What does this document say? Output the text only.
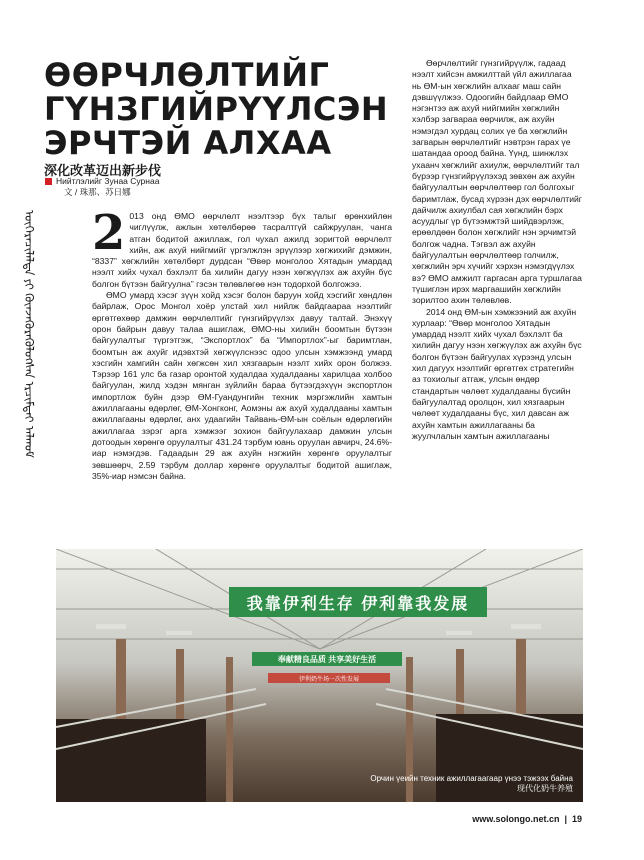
ӨӨРЧЛӨЛТИЙГ
ГҮНЗГИЙРҮҮЛСЭН
ЭРЧТЭЙ АЛХАА

深化改革迈出新步伐

Нийтлэлийг Зунаа Сурнаа
文 / 珠那、苏日娜
ᠥᠭᠡᠷᠡᠴᠢᠯᠡᠯᠲᠡ ᠶᠢ ᠭᠦᠨᠵᠡᠭᠦᠷᠡᠭᠦᠯᠦᠭᠰᠡᠨ ᠡᠷᠴᠢᠮᠲᠡᠢ ᠠᠯᠬᠤᠮ	2 013 онд ӨМО өөрчлөлт нээлтээр бүх талыг өрөнхийлөн чиглүүлж, ажлын хөтөлбөрөө тасралтгүй сайжруулан, чанга атган бодитой ажиллаж, гол чухал ажилд зоригтой өөрчлөлт хийн, аж ахуй нийгмийг үргэлжлэн эрүүлээр хөгжихийг дэмжин, “8337” хөгжлийн хөтөлбөрт дурдсан “Өвөр монголоо Хятадын умардад нээлт хийх чухал бэхлэлт ба хилийн дагуу нээн хөгжүүлэх аж ахуйн бүс болгон бүтээн байгуулна” гэсэн төлөвлөгөө нэн тодорхой болгожээ.

ӨМО умард хэсэг зүүн хойд хэсэг болон баруун хойд хэсгийг хөндлөн байрлаж, Орос Монгол хоёр улстай хил нийлж байдгаараа нээлтийг өргөтгөхөөр дамжин өөрчлөлтийг гүнзгийрүүлэх давуу талтай. Энэхүү орон байрын давуу талаа ашиглаж, ӨМО-ны хилийн боомтын бүтээн байгуулалтыг түргэтгэж, “Экспортлох” ба “Импортлох”-ыг баримтлан, боомтын аж ахуйг идэвхтэй хөгжүүлснээс одоо улсын хэмжээнд умард хэсгийн хамгийн сайн хөгжсөн хил хязгаарын нээлт хийх орон болжээ. Тэрээр 161 улс ба газар оронтой худалдаа худалдааны харилцаа холбоо байгуулан, жилд хэдэн мянган зүйлийн бараа бүтээгдэхүүн экспортлон импортлож буйн дээр ӨМ-Гуандунгийн техник мэргэжлийн хамтын ажиллагааны өдөрлөг, ӨМ-Хонгконг, Аомэны аж ахуй худалдааны хамтын ажиллагааны өдөрлөг, анх удаагийн Тайвань-ӨМ-ын соёлын өдөрлөгийн ажиллагаа зэрэг арга хэмжээг зохион байгуулахаар дамжин улсын дотоодын хөрөнгө оруулалтыг 431.24 тэрбум юань оруулан авчирч, 24.6%-иар нэмэгдэв. Гадаадын 29 аж ахуйн нэгжийн хөрөнгө оруулалтыг зөвшөөрч, 2.59 тэрбум доллар хөрөнгө оруулалтыг бодитой ашиглаж, 35%-иар нэмсэн байна.

Өөрчлөлтийг гүнзгийрүүлж, гадаад нээлт хийсэн амжилттай үйл ажиллагаа нь ӨМ-ын хөгжлийн алхааг маш сайн дэвшүүлжээ. Одоогийн байдлаар ӨМО нэгэнтээ аж ахуй нийгмийн хөгжлийн хэлбэр загвараа өөрчилж, аж ахуйн нэмэгдэл хурдац солих үе ба хөгжлийн загварын өөрчлөлтийг нэвтрэн гарах үе шатандаа ороод байна. Үүнд, шинжлэх ухаанч хөгжлийг ахиулж, өөрчлөлтийг тал бүрээр гүнзгийрүүлэхэд зөвхөн аж ахуйн байгуулалтын өөрчлөлтөөр гол болгохыг баримтлаж, бусад хүрээн дэх өөрчлөлтийг дайчилж ахиулбал сая хөгжлийн бэрх асуудлыг үр бүтээмжтэй шийдвэрлэж, ерөөлдөөн болон хөгжлийг нэн эрчимтэй болгож чадна. Тэгвэл аж ахуйн байгуулалтын өөрчлөлтөөр голчилж, хөгжлийн эрч хүчийг хэрхэн нэмэгдүүлэх вэ? ӨМО амжилт гаргасан арга туршлагаа түшиглэн ирэх маргаашийн хөгжлийн зорилтоо ахин төлөвлөв.

2014 онд ӨМ-ын хэмжээний аж ахуйн хурлаар: “Өвөр монголоо Хятадын умардад нээлт хийх чухал бэхлэлт ба хилийн дагуу нээн хөгжүүлэх аж ахуйн бүс болгон бүтээн байгуулах хүрээнд улсын хил дагуух нээлтийг өргөтгөх стратегийн аз тохиолыг атгаж, улсын өндөр стандартын чөлөөт худалдааны бүсийн байгуулалтад оролцон, хил хязгаарын чөлөөт худалдааны бүс, хил давсан аж ахуйн хамтын ажиллагааны ба жуулчлалын хамтын ажиллагааны

我靠伊利生存 伊利靠我发展
奉献精良品质 共享美好生活
伊利奶牛场一次性发展
Орчин үеийн техник ажиллагаагаар үнээ тэжээх байна
现代化奶牛养殖
www.solongo.net.cn | 19
